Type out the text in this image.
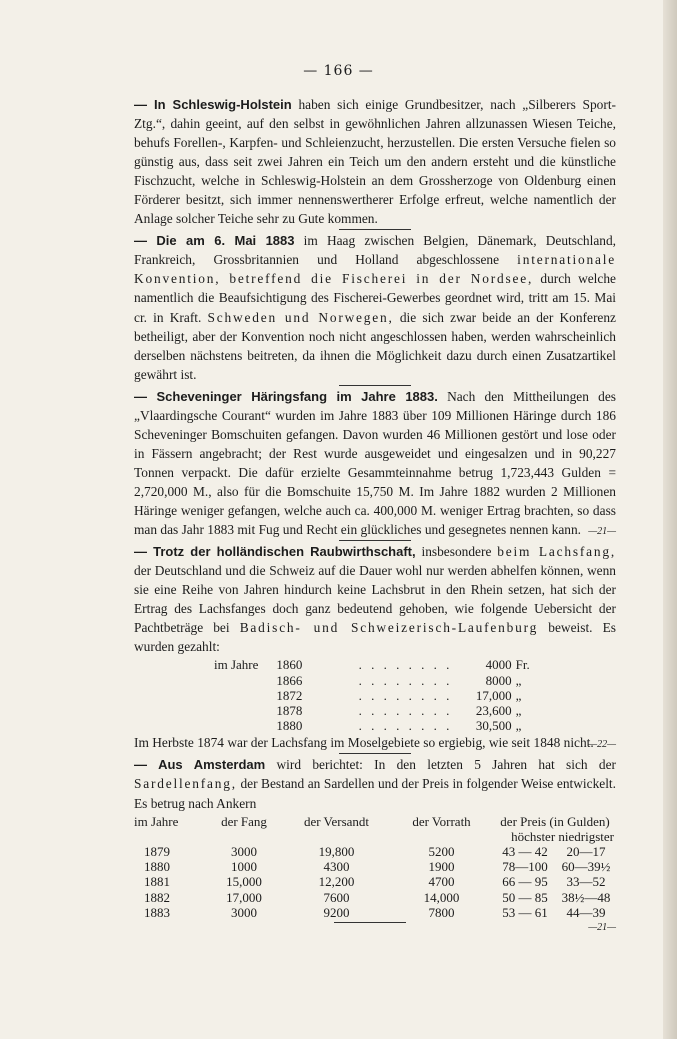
— 166 —

— In Schleswig-Holstein haben sich einige Grundbesitzer, nach „Silberers Sport-Ztg.“, dahin geeint, auf den selbst in gewöhnlichen Jahren allzunassen Wiesen Teiche, behufs Forellen-, Karpfen- und Schleienzucht, herzustellen. Die ersten Versuche fielen so günstig aus, dass seit zwei Jahren ein Teich um den andern ersteht und die künstliche Fischzucht, welche in Schleswig-Holstein an dem Grossherzoge von Oldenburg einen Förderer besitzt, sich immer nennenswertherer Erfolge erfreut, welche namentlich der Anlage solcher Teiche sehr zu Gute kommen.

— Die am 6. Mai 1883 im Haag zwischen Belgien, Dänemark, Deutschland, Frankreich, Grossbritannien und Holland abgeschlossene internationale Konvention, betreffend die Fischerei in der Nordsee, durch welche namentlich die Beaufsichtigung des Fischerei-Gewerbes geordnet wird, tritt am 15. Mai cr. in Kraft. Schweden und Norwegen, die sich zwar beide an der Konferenz betheiligt, aber der Konvention noch nicht angeschlossen haben, werden wahrscheinlich derselben nächstens beitreten, da ihnen die Möglichkeit dazu durch einen Zusatzartikel gewährt ist.

— Scheveninger Häringsfang im Jahre 1883. Nach den Mittheilungen des „Vlaardingsche Courant“ wurden im Jahre 1883 über 109 Millionen Häringe durch 186 Scheveninger Bomschuiten gefangen. Davon wurden 46 Millionen gestört und lose oder in Fässern angebracht; der Rest wurde ausgeweidet und eingesalzen und in 90,227 Tonnen verpackt. Die dafür erzielte Gesammteinnahme betrug 1,723,443 Gulden = 2,720,000 M., also für die Bomschuite 15,750 M. Im Jahre 1882 wurden 2 Millionen Häringe weniger gefangen, welche auch ca. 400,000 M. weniger Ertrag brachten, so dass man das Jahr 1883 mit Fug und Recht ein glückliches und gesegnetes nennen kann. —21—

— Trotz der holländischen Raubwirthschaft, insbesondere beim Lachsfang, der Deutschland und die Schweiz auf die Dauer wohl nur werden abhelfen können, wenn sie eine Reihe von Jahren hindurch keine Lachsbrut in den Rhein setzen, hat sich der Ertrag des Lachsfanges doch ganz bedeutend gehoben, wie folgende Uebersicht der Pachtbeträge bei Badisch- und Schweizerisch-Laufenburg beweist. Es wurden gezahlt:

im Jahre	1860	. . . . . . . .	4000 Fr.
1866	. . . . . . . .	8000 „
1872	. . . . . . . .	17,000 „
1878	. . . . . . . .	23,600 „
1880	. . . . . . . .	30,500 „

Im Herbste 1874 war der Lachsfang im Moselgebiete so ergiebig, wie seit 1848 nicht.

—22—

— Aus Amsterdam wird berichtet: In den letzten 5 Jahren hat sich der Sardellenfang, der Bestand an Sardellen und der Preis in folgender Weise entwickelt. Es betrug nach Ankern

im Jahre	der Fang	der Versandt	der Vorrath	der Preis (in Gulden)
höchster niedrigster
1879	3000	19,800	5200	43 — 42	20—17
1880	1000	4300	1900	78—100	60—39½
1881	15,000	12,200	4700	66 — 95	33—52
1882	17,000	7600	14,000	50 — 85	38½—48
1883	3000	9200	7800	53 — 61	44—39
—21—
